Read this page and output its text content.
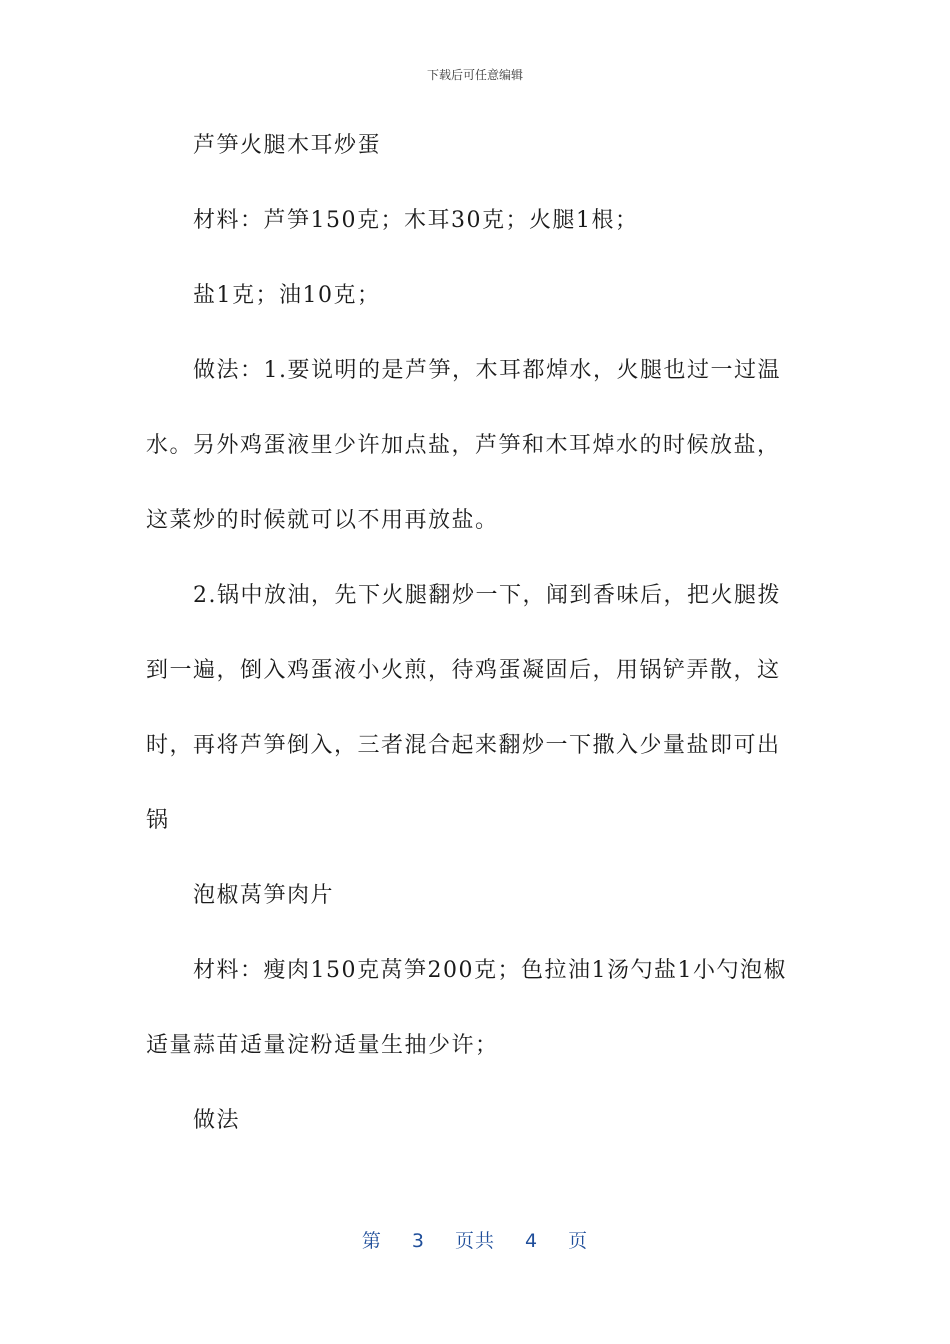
下载后可任意编辑
芦笋火腿木耳炒蛋
材料：芦笋150克；木耳30克；火腿1根；
盐1克；油10克；
做法：1.要说明的是芦笋，木耳都焯水，火腿也过一过温
水。另外鸡蛋液里少许加点盐，芦笋和木耳焯水的时候放盐，
这菜炒的时候就可以不用再放盐。
2.锅中放油，先下火腿翻炒一下，闻到香味后，把火腿拨
到一遍，倒入鸡蛋液小火煎，待鸡蛋凝固后，用锅铲弄散，这
时，再将芦笋倒入，三者混合起来翻炒一下撒入少量盐即可出
锅
泡椒莴笋肉片
材料：瘦肉150克莴笋200克；色拉油1汤勺盐1小勺泡椒
适量蒜苗适量淀粉适量生抽少许；
做法
第 3 页共 4 页
